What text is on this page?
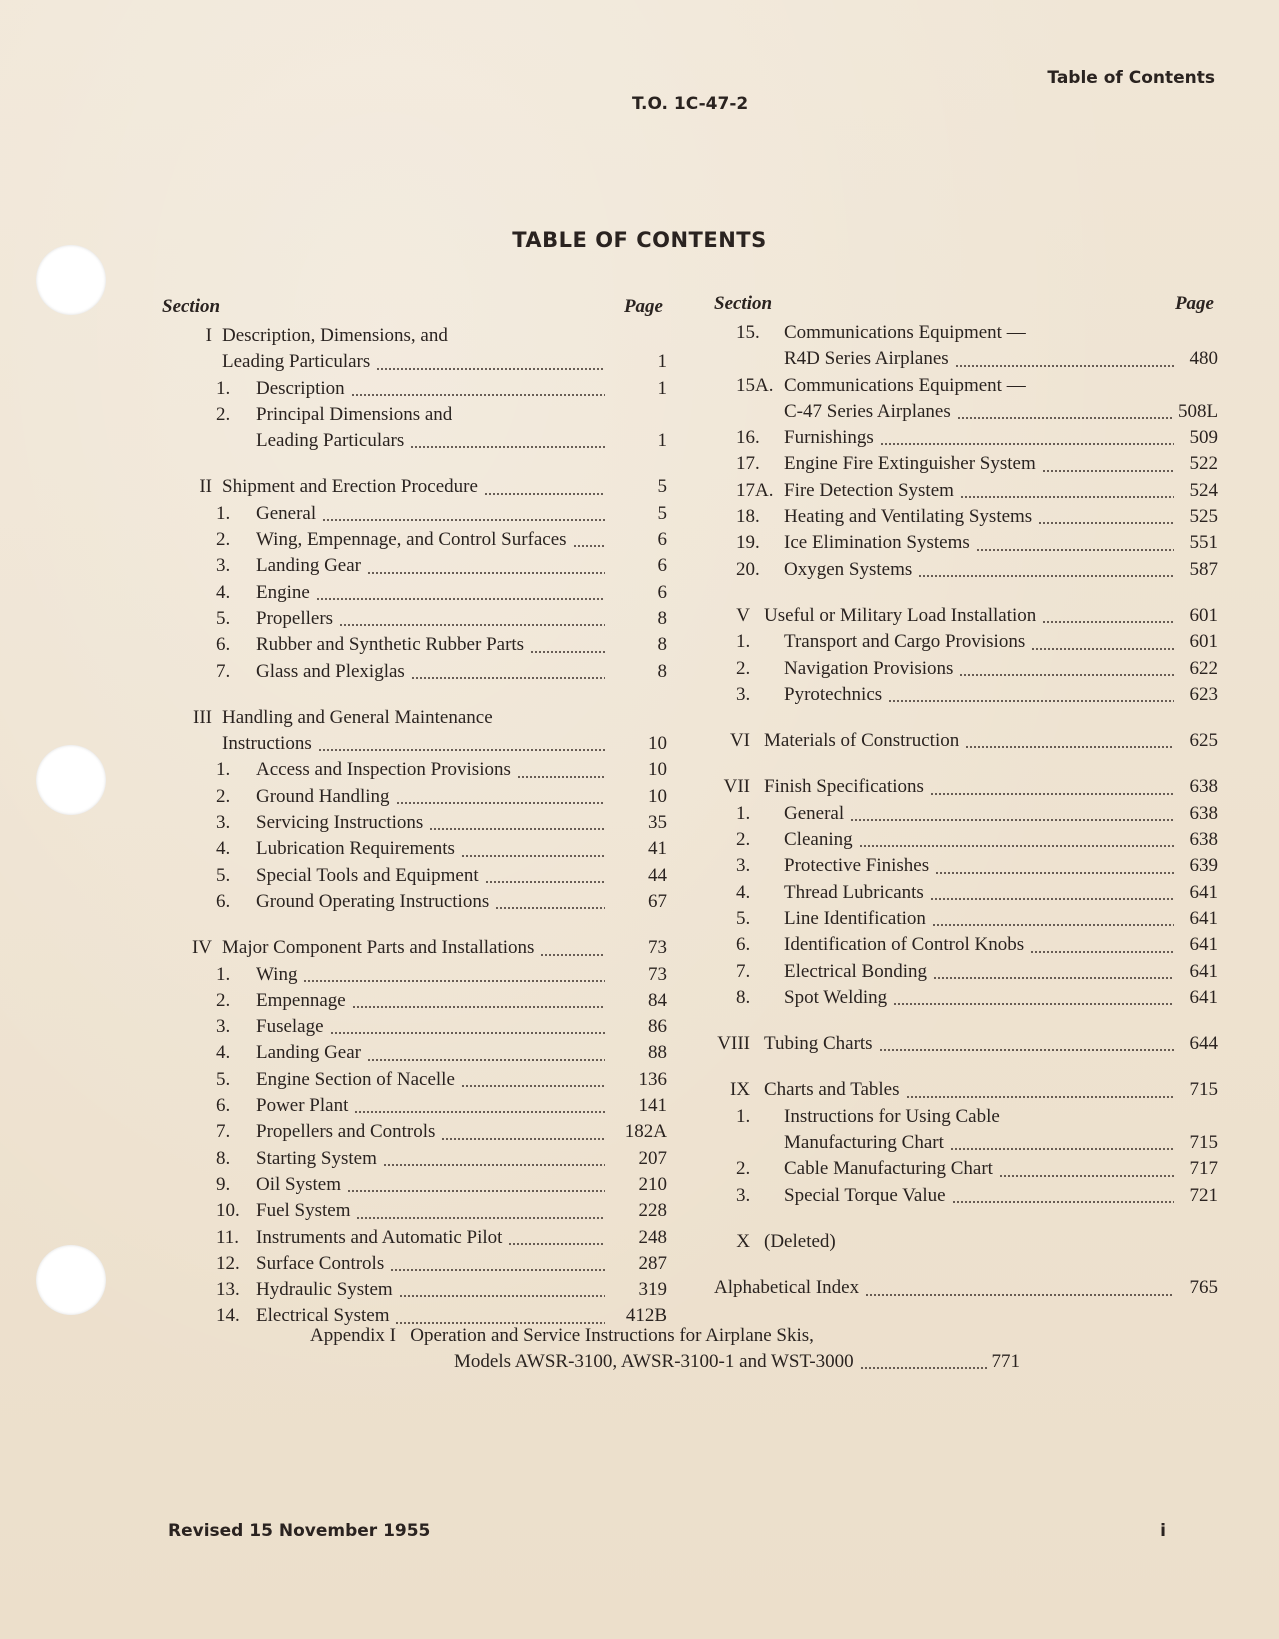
Table of Contents
T.O. 1C-47-2
TABLE OF CONTENTS
Section	Page
I Description, Dimensions, and
Leading Particulars	1
1.	Description	1
2.	Principal Dimensions and
Leading Particulars	1
II Shipment and Erection Procedure	5
1.	General	5
2.	Wing, Empennage, and Control Surfaces	6
3.	Landing Gear	6
4.	Engine	6
5.	Propellers	8
6.	Rubber and Synthetic Rubber Parts	8
7.	Glass and Plexiglas	8
III Handling and General Maintenance
Instructions	10
1.	Access and Inspection Provisions	10
2.	Ground Handling	10
3.	Servicing Instructions	35
4.	Lubrication Requirements	41
5.	Special Tools and Equipment	44
6.	Ground Operating Instructions	67
IV Major Component Parts and Installations	73
1.	Wing	73
2.	Empennage	84
3.	Fuselage	86
4.	Landing Gear	88
5.	Engine Section of Nacelle	136
6.	Power Plant	141
7.	Propellers and Controls	182A
8.	Starting System	207
9.	Oil System	210
10. Fuel System	228
11. Instruments and Automatic Pilot	248
12. Surface Controls	287
13. Hydraulic System	319
14. Electrical System	412B
Section	Page
15.	Communications Equipment —
R4D Series Airplanes	480
15A. Communications Equipment —
C-47 Series Airplanes	508L
16.	Furnishings	509
17.	Engine Fire Extinguisher System	522
17A. Fire Detection System	524
18.	Heating and Ventilating Systems	525
19.	Ice Elimination Systems	551
20.	Oxygen Systems	587
V Useful or Military Load Installation	601
1.	Transport and Cargo Provisions	601
2.	Navigation Provisions	622
3.	Pyrotechnics	623
VI Materials of Construction	625
VII Finish Specifications	638
1.	General	638
2.	Cleaning	638
3.	Protective Finishes	639
4.	Thread Lubricants	641
5.	Line Identification	641
6.	Identification of Control Knobs	641
7.	Electrical Bonding	641
8.	Spot Welding	641
VIII Tubing Charts	644
IX Charts and Tables	715
1.	Instructions for Using Cable
Manufacturing Chart	715
2.	Cable Manufacturing Chart	717
3.	Special Torque Value	721
X (Deleted)
Alphabetical Index	765
Appendix I Operation and Service Instructions for Airplane Skis,
Models AWSR-3100, AWSR-3100-1 and WST-3000	771
Revised 15 November 1955	i
